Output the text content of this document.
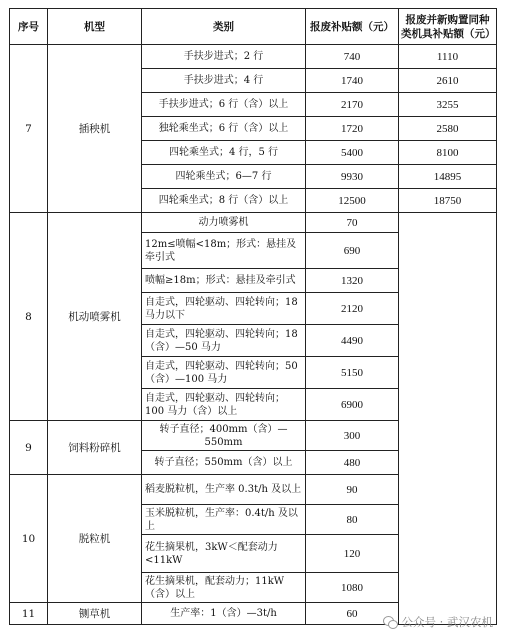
序号	机型	类别	报废补贴额（元）	报废并新购置同种类机具补贴额（元）
7	插秧机	手扶步进式；2 行	740	1110
		手扶步进式；4 行	1740	2610
		手扶步进式；6 行（含）以上	2170	3255
		独轮乘坐式；6 行（含）以上	1720	2580
		四轮乘坐式；4 行，5 行	5400	8100
		四轮乘坐式；6—7 行	9930	14895
		四轮乘坐式；8 行（含）以上	12500	18750
8	机动喷雾机	动力喷雾机	70	
		12m≤喷幅<18m；形式：悬挂及牵引式	690	
		喷幅≥18m；形式：悬挂及牵引式	1320	
		自走式，四轮驱动、四轮转向；18 马力以下	2120	
		自走式，四轮驱动、四轮转向；18（含）—50 马力	4490	
		自走式，四轮驱动、四轮转向；50（含）—100 马力	5150	
		自走式，四轮驱动、四轮转向；100 马力（含）以上	6900	
9	饲料粉碎机	转子直径；400mm（含）—550mm	300	
		转子直径；550mm（含）以上	480	
10	脱粒机	稻麦脱粒机，生产率 0.3t/h 及以上	90	
		玉米脱粒机，生产率：0.4t/h 及以上	80	
		花生摘果机，3kW＜配套动力<11kW	120	
		花生摘果机，配套动力；11kW（含）以上	1080	
11	铡草机	生产率：1（含）—3t/h	60	
公众号 · 武汉农机
